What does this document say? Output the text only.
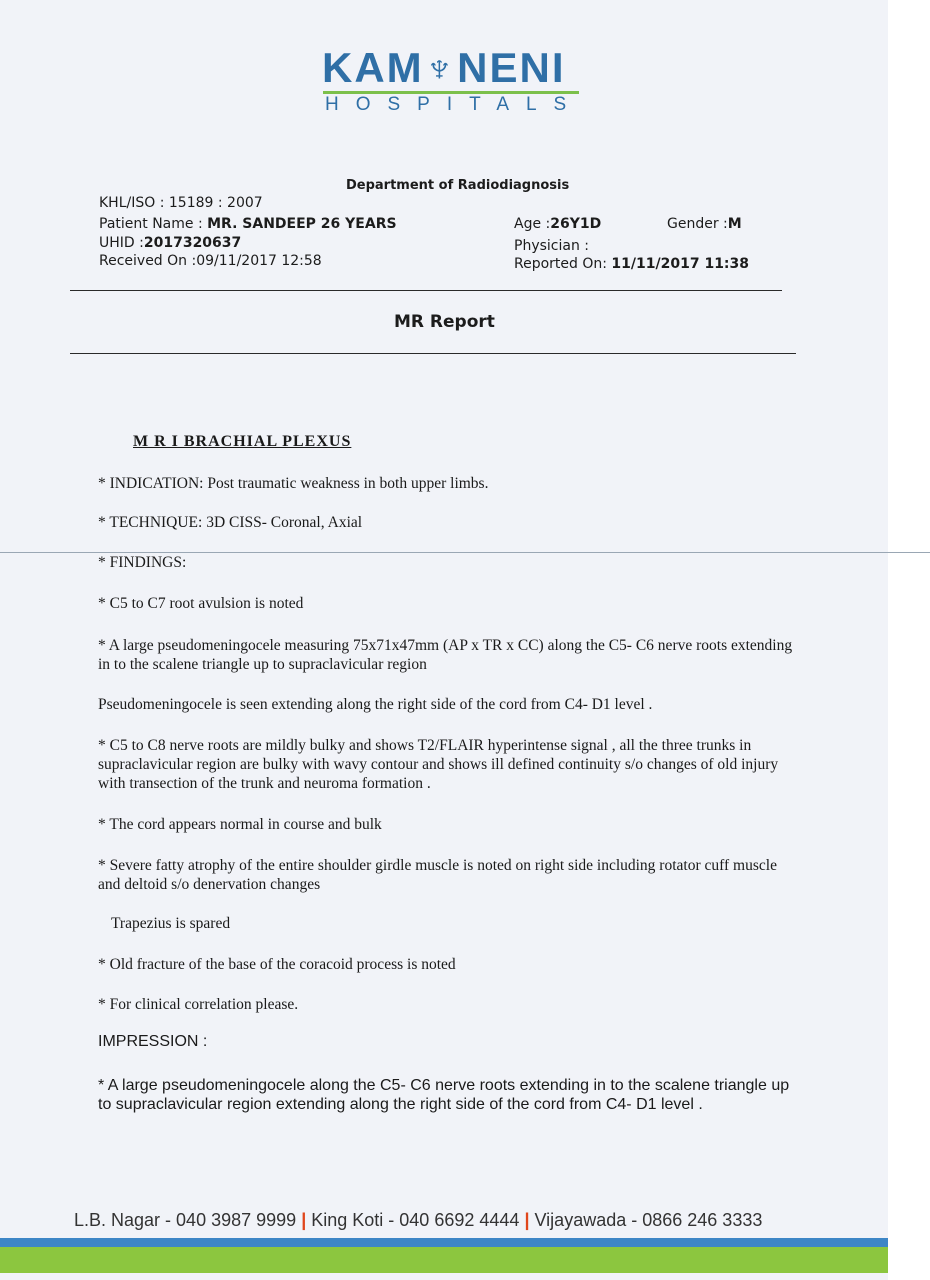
KAM♆NENI
HOSPITALS
Department of Radiodiagnosis
KHL/ISO : 15189 : 2007
Patient Name : MR. SANDEEP 26 YEARS
UHID :2017320637
Received On :09/11/2017 12:58
Age :26Y1D	Gender :M
Physician :
Reported On: 11/11/2017 11:38
MR Report
M R I BRACHIAL PLEXUS
* INDICATION: Post traumatic weakness in both upper limbs.
* TECHNIQUE: 3D CISS- Coronal, Axial
* FINDINGS:
* C5 to C7 root avulsion is noted
* A large pseudomeningocele measuring 75x71x47mm (AP x TR x CC) along the C5- C6 nerve roots extending in to the scalene triangle up to supraclavicular region
Pseudomeningocele is seen extending along the right side of the cord from C4- D1 level .
* C5 to C8 nerve roots are mildly bulky and shows T2/FLAIR hyperintense signal , all the three trunks in supraclavicular region are bulky with wavy contour and shows ill defined continuity s/o changes of old injury with transection of the trunk and neuroma formation .
* The cord appears normal in course and bulk
* Severe fatty atrophy of the entire shoulder girdle muscle is noted on right side including rotator cuff muscle and deltoid s/o denervation changes
Trapezius is spared
* Old fracture of the base of the coracoid process is noted
* For clinical correlation please.
IMPRESSION :
* A large pseudomeningocele along the C5- C6 nerve roots extending in to the scalene triangle up to supraclavicular region extending along the right side of the cord from C4- D1 level .
L.B. Nagar - 040 3987 9999 | King Koti - 040 6692 4444 | Vijayawada - 0866 246 3333
